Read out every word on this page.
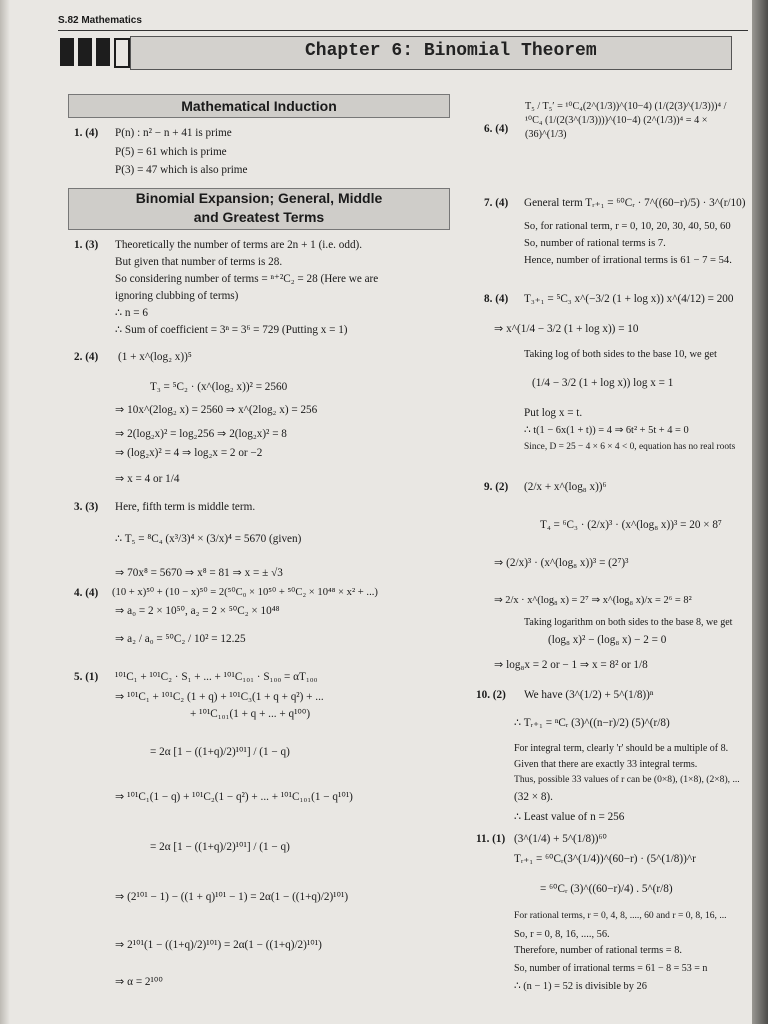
S.82 Mathematics
Chapter 6: Binomial Theorem
Mathematical Induction
1. (4) P(n) : n² − n + 41 is prime
P(5) = 61 which is prime
P(3) = 47 which is also prime
Binomial Expansion; General, Middle
and Greatest Terms
1. (3) Theoretically the number of terms are 2n + 1 (i.e. odd).
But given that number of terms is 28.
So considering number of terms = ⁿ⁺²C₂ = 28 (Here we are
ignoring clubbing of terms)
∴ n = 6
∴ Sum of coefficient = 3ⁿ = 3⁶ = 729 (Putting x = 1)
2. (4) (1 + x^(log₂ x))⁵
T₃ = ⁵C₂ · (x^(log₂ x))² = 2560
⇒ 10x^(2log₂ x) = 2560 ⇒ x^(2log₂ x) = 256
⇒ 2(log₂x)² = log₂256 ⇒ 2(log₂x)² = 8
⇒ (log₂x)² = 4 ⇒ log₂x = 2 or −2
⇒ x = 4 or 1/4
3. (3) Here, fifth term is middle term.
∴ T₅ = ⁸C₄ (x³/3)⁴ × (3/x)⁴ = 5670 (given)
⇒ 70x⁸ = 5670 ⇒ x⁸ = 81 ⇒ x = ± √3
4. (4) (10 + x)⁵⁰ + (10 − x)⁵⁰ = 2(⁵⁰C₀ × 10⁵⁰ + ⁵⁰C₂ × 10⁴⁸ × x² + ...)
⇒ a₀ = 2 × 10⁵⁰, a₂ = 2 × ⁵⁰C₂ × 10⁴⁸
⇒ a₂ / a₀ = ⁵⁰C₂ / 10² = 12.25
5. (1) ¹⁰¹C₁ + ¹⁰¹C₂ · S₁ + ... + ¹⁰¹C₁₀₁ · S₁₀₀ = αT₁₀₀
⇒ ¹⁰¹C₁ + ¹⁰¹C₂ (1 + q) + ¹⁰¹C₃(1 + q + q²) + ...
+ ¹⁰¹C₁₀₁(1 + q + ... + q¹⁰⁰)
= 2α [1 − ((1+q)/2)¹⁰¹] / (1 − q)
⇒ ¹⁰¹C₁(1 − q) + ¹⁰¹C₂(1 − q²) + ... + ¹⁰¹C₁₀₁(1 − q¹⁰¹)
= 2α [1 − ((1+q)/2)¹⁰¹] / (1 − q)
⇒ (2¹⁰¹ − 1) − ((1 + q)¹⁰¹ − 1) = 2α(1 − ((1+q)/2)¹⁰¹)
⇒ 2¹⁰¹(1 − ((1+q)/2)¹⁰¹) = 2α(1 − ((1+q)/2)¹⁰¹)
⇒ α = 2¹⁰⁰
6. (4)
T₅ / T₅′ = ¹⁰C₄(2^(1/3))^(10−4) (1/(2(3)^(1/3)))⁴ / ¹⁰C₄ (1/(2(3^(1/3))))^(10−4) (2^(1/3))⁴ = 4 × (36)^(1/3)
7. (4) General term Tᵣ₊₁ = ⁶⁰Cᵣ · 7^((60−r)/5) · 3^(r/10)
So, for rational term, r = 0, 10, 20, 30, 40, 50, 60
So, number of rational terms is 7.
Hence, number of irrational terms is 61 − 7 = 54.
8. (4) T₃₊₁ = ⁵C₃ x^(−3/2 (1 + log x)) x^(4/12) = 200
⇒ x^(1/4 − 3/2 (1 + log x)) = 10
Taking log of both sides to the base 10, we get
(1/4 − 3/2 (1 + log x)) log x = 1
Put log x = t.
∴ t(1 − 6x(1 + t)) = 4 ⇒ 6t² + 5t + 4 = 0
Since, D = 25 − 4 × 6 × 4 < 0, equation has no real roots
9. (2) (2/x + x^(log₈ x))⁶
T₄ = ⁶C₃ · (2/x)³ · (x^(log₈ x))³ = 20 × 8⁷
⇒ (2/x)³ · (x^(log₈ x))³ = (2⁷)³
⇒ 2/x · x^(log₈ x) = 2⁷ ⇒ x^(log₈ x)/x = 2⁶ = 8²
Taking logarithm on both sides to the base 8, we get
(log₈ x)² − (log₈ x) − 2 = 0
⇒ log₈x = 2 or − 1 ⇒ x = 8² or 1/8
10. (2) We have (3^(1/2) + 5^(1/8))ⁿ
∴ Tᵣ₊₁ = ⁿCᵣ (3)^((n−r)/2) (5)^(r/8)
For integral term, clearly 'r' should be a multiple of 8.
Given that there are exactly 33 integral terms.
Thus, possible 33 values of r can be (0×8), (1×8), (2×8), ...
(32 × 8).
∴ Least value of n = 256
11. (1) (3^(1/4) + 5^(1/8))⁶⁰
Tᵣ₊₁ = ⁶⁰Cᵣ(3^(1/4))^(60−r) · (5^(1/8))^r
= ⁶⁰Cᵣ (3)^((60−r)/4) . 5^(r/8)
For rational terms, r = 0, 4, 8, ...., 60 and r = 0, 8, 16, ...
So, r = 0, 8, 16, ...., 56.
Therefore, number of rational terms = 8.
So, number of irrational terms = 61 − 8 = 53 = n
∴ (n − 1) = 52 is divisible by 26
